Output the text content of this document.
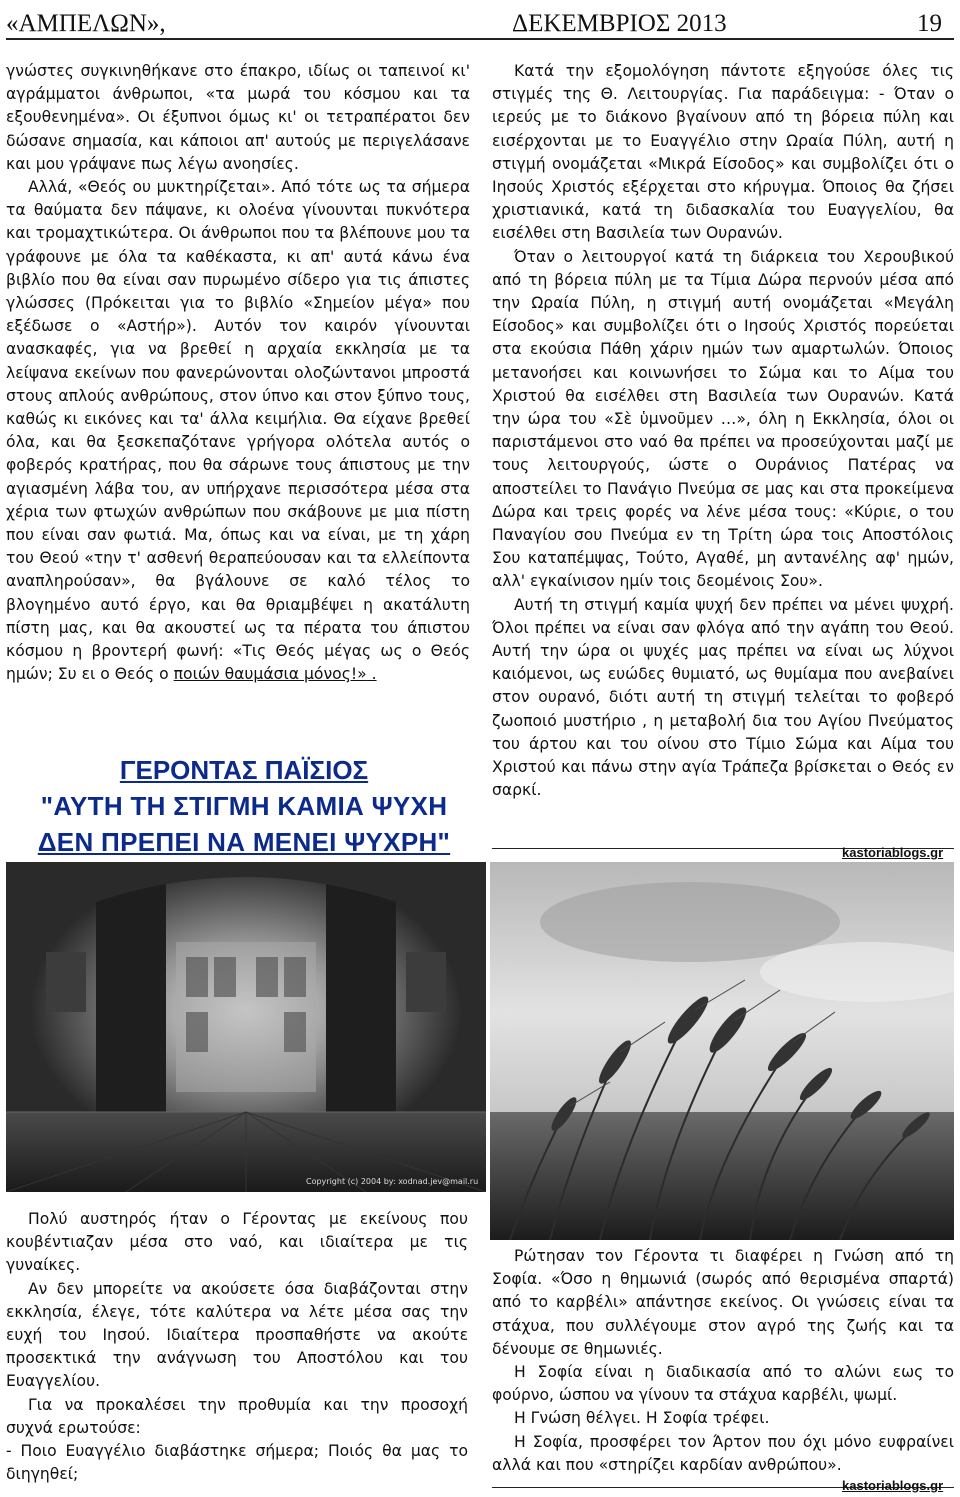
«ΑΜΠΕΛΩΝ»,	ΔΕΚΕΜΒΡΙΟΣ 2013	19

γνώστες συγκινηθήκανε στο έπακρο, ιδίως οι ταπεινοί κι' αγράμματοι άνθρωποι, «τα μωρά του κόσμου και τα εξουθενημένα». Οι έξυπνοι όμως κι' οι τετραπέρατοι δεν δώσανε σημασία, και κάποιοι απ' αυτούς με περιγελάσανε και μου γράψανε πως λέγω ανοησίες.

Αλλά, «Θεός ου μυκτηρίζεται». Από τότε ως τα σήμερα τα θαύματα δεν πάψανε, κι ολοένα γίνουνται πυκνότερα και τρομαχτικώτερα. Οι άνθρωποι που τα βλέπουνε μου τα γράφουνε με όλα τα καθέκαστα, κι απ' αυτά κάνω ένα βιβλίο που θα είναι σαν πυρωμένο σίδερο για τις άπιστες γλώσσες (Πρόκειται για το βιβλίο «Σημείον μέγα» που εξέδωσε ο «Αστήρ»). Αυτόν τον καιρόν γίνουνται ανασκαφές, για να βρεθεί η αρχαία εκκλησία με τα λείψανα εκείνων που φανερώνονται ολοζώντανοι μπροστά στους απλούς ανθρώπους, στον ύπνο και στον ξύπνο τους, καθώς κι εικόνες και τα' άλλα κειμήλια. Θα είχανε βρεθεί όλα, και θα ξεσκεπαζότανε γρήγορα ολότελα αυτός ο φοβερός κρατήρας, που θα σάρωνε τους άπιστους με την αγιασμένη λάβα του, αν υπήρχανε περισσότερα μέσα στα χέρια των φτωχών ανθρώπων που σκάβουνε με μια πίστη που είναι σαν φωτιά. Μα, όπως και να είναι, με τη χάρη του Θεού «την τ' ασθενή θεραπεύουσαν και τα ελλείποντα αναπληρούσαν», θα βγάλουνε σε καλό τέλος το βλογημένο αυτό έργο, και θα θριαμβέψει η ακατάλυτη πίστη μας, και θα ακουστεί ως τα πέρατα του άπιστου κόσμου η βροντερή φωνή: «Τις Θεός μέγας ως ο Θεός ημών; Συ ει ο Θεός ο ποιών θαυμάσια μόνος!» .

ΓΕΡΟΝΤΑΣ ΠΑΪΣΙΟΣ
"ΑΥΤΗ ΤΗ ΣΤΙΓΜΗ ΚΑΜΙΑ ΨΥΧΗ
ΔΕΝ ΠΡΕΠΕΙ ΝΑ ΜΕΝΕΙ ΨΥΧΡΗ"

Κατά την εξομολόγηση πάντοτε εξηγούσε όλες τις στιγμές της Θ. Λειτουργίας. Για παράδειγμα: - Όταν ο ιερεύς με το διάκονο βγαίνουν από τη βόρεια πύλη και εισέρχονται με το Ευαγγέλιο στην Ωραία Πύλη, αυτή η στιγμή ονομάζεται «Μικρά Είσοδος» και συμβολίζει ότι ο Ιησούς Χριστός εξέρχεται στο κήρυγμα. Όποιος θα ζήσει χριστιανικά, κατά τη διδασκαλία του Ευαγγελίου, θα εισέλθει στη Βασιλεία των Ουρανών.

Όταν ο λειτουργοί κατά τη διάρκεια του Χερουβικού από τη βόρεια πύλη με τα Τίμια Δώρα περνούν μέσα από την Ωραία Πύλη, η στιγμή αυτή ονομάζεται «Μεγάλη Είσοδος» και συμβολίζει ότι ο Ιησούς Χριστός πορεύεται στα εκούσια Πάθη χάριν ημών των αμαρτωλών. Όποιος μετανοήσει και κοινωνήσει το Σώμα και το Αίμα του Χριστού θα εισέλθει στη Βασιλεία των Ουρανών. Κατά την ώρα του «Σὲ ὑμνοῦμεν …», όλη η Εκκλησία, όλοι οι παριστάμενοι στο ναό θα πρέπει να προσεύχονται μαζί με τους λειτουργούς, ώστε ο Ουράνιος Πατέρας να αποστείλει το Πανάγιο Πνεύμα σε μας και στα προκείμενα Δώρα και τρεις φορές να λένε μέσα τους: «Κύριε, ο του Παναγίου σου Πνεύμα εν τη Τρίτη ώρα τοις Αποστόλοις Σου καταπέμψας, Τούτο, Αγαθέ, μη αντανέλης αφ' ημών, αλλ' εγκαίνισον ημίν τοις δεομένοις Σου».

Αυτή τη στιγμή καμία ψυχή δεν πρέπει να μένει ψυχρή. Όλοι πρέπει να είναι σαν φλόγα από την αγάπη του Θεού. Αυτή την ώρα οι ψυχές μας πρέπει να είναι ως λύχνοι καιόμενοι, ως ευώδες θυμιατό, ως θυμίαμα που ανεβαίνει στον ουρανό, διότι αυτή τη στιγμή τελείται το φοβερό ζωοποιό μυστήριο , η μεταβολή δια του Αγίου Πνεύματος του άρτου και του οίνου στο Τίμιο Σώμα και Αίμα του Χριστού και πάνω στην αγία Τράπεζα βρίσκεται ο Θεός εν σαρκί.

kastoriablogs.gr
Copyright (c) 2004 by: xodnad.jev@mail.ru

Πολύ αυστηρός ήταν ο Γέροντας με εκείνους που κουβέντιαζαν μέσα στο ναό, και ιδιαίτερα με τις γυναίκες.

Αν δεν μπορείτε να ακούσετε όσα διαβάζονται στην εκκλησία, έλεγε, τότε καλύτερα να λέτε μέσα σας την ευχή του Ιησού. Ιδιαίτερα προσπαθήστε να ακούτε προσεκτικά την ανάγνωση του Αποστόλου και του Ευαγγελίου.

Για να προκαλέσει την προθυμία και την προσοχή συχνά ερωτούσε:

- Ποιο Ευαγγέλιο διαβάστηκε σήμερα; Ποιός θα μας το διηγηθεί;

Ρώτησαν τον Γέροντα τι διαφέρει η Γνώση από τη Σοφία. «Όσο η θημωνιά (σωρός από θερισμένα σπαρτά) από το καρβέλι» απάντησε εκείνος. Οι γνώσεις είναι τα στάχυα, που συλλέγουμε στον αγρό της ζωής και τα δένουμε σε θημωνιές.

Η Σοφία είναι η διαδικασία από το αλώνι εως το φούρνο, ώσπου να γίνουν τα στάχυα καρβέλι, ψωμί.

Η Γνώση θέλγει. Η Σοφία τρέφει.

Η Σοφία, προσφέρει τον Άρτον που όχι μόνο ευφραίνει αλλά και που «στηρίζει καρδίαν ανθρώπου».

kastoriablogs.gr
